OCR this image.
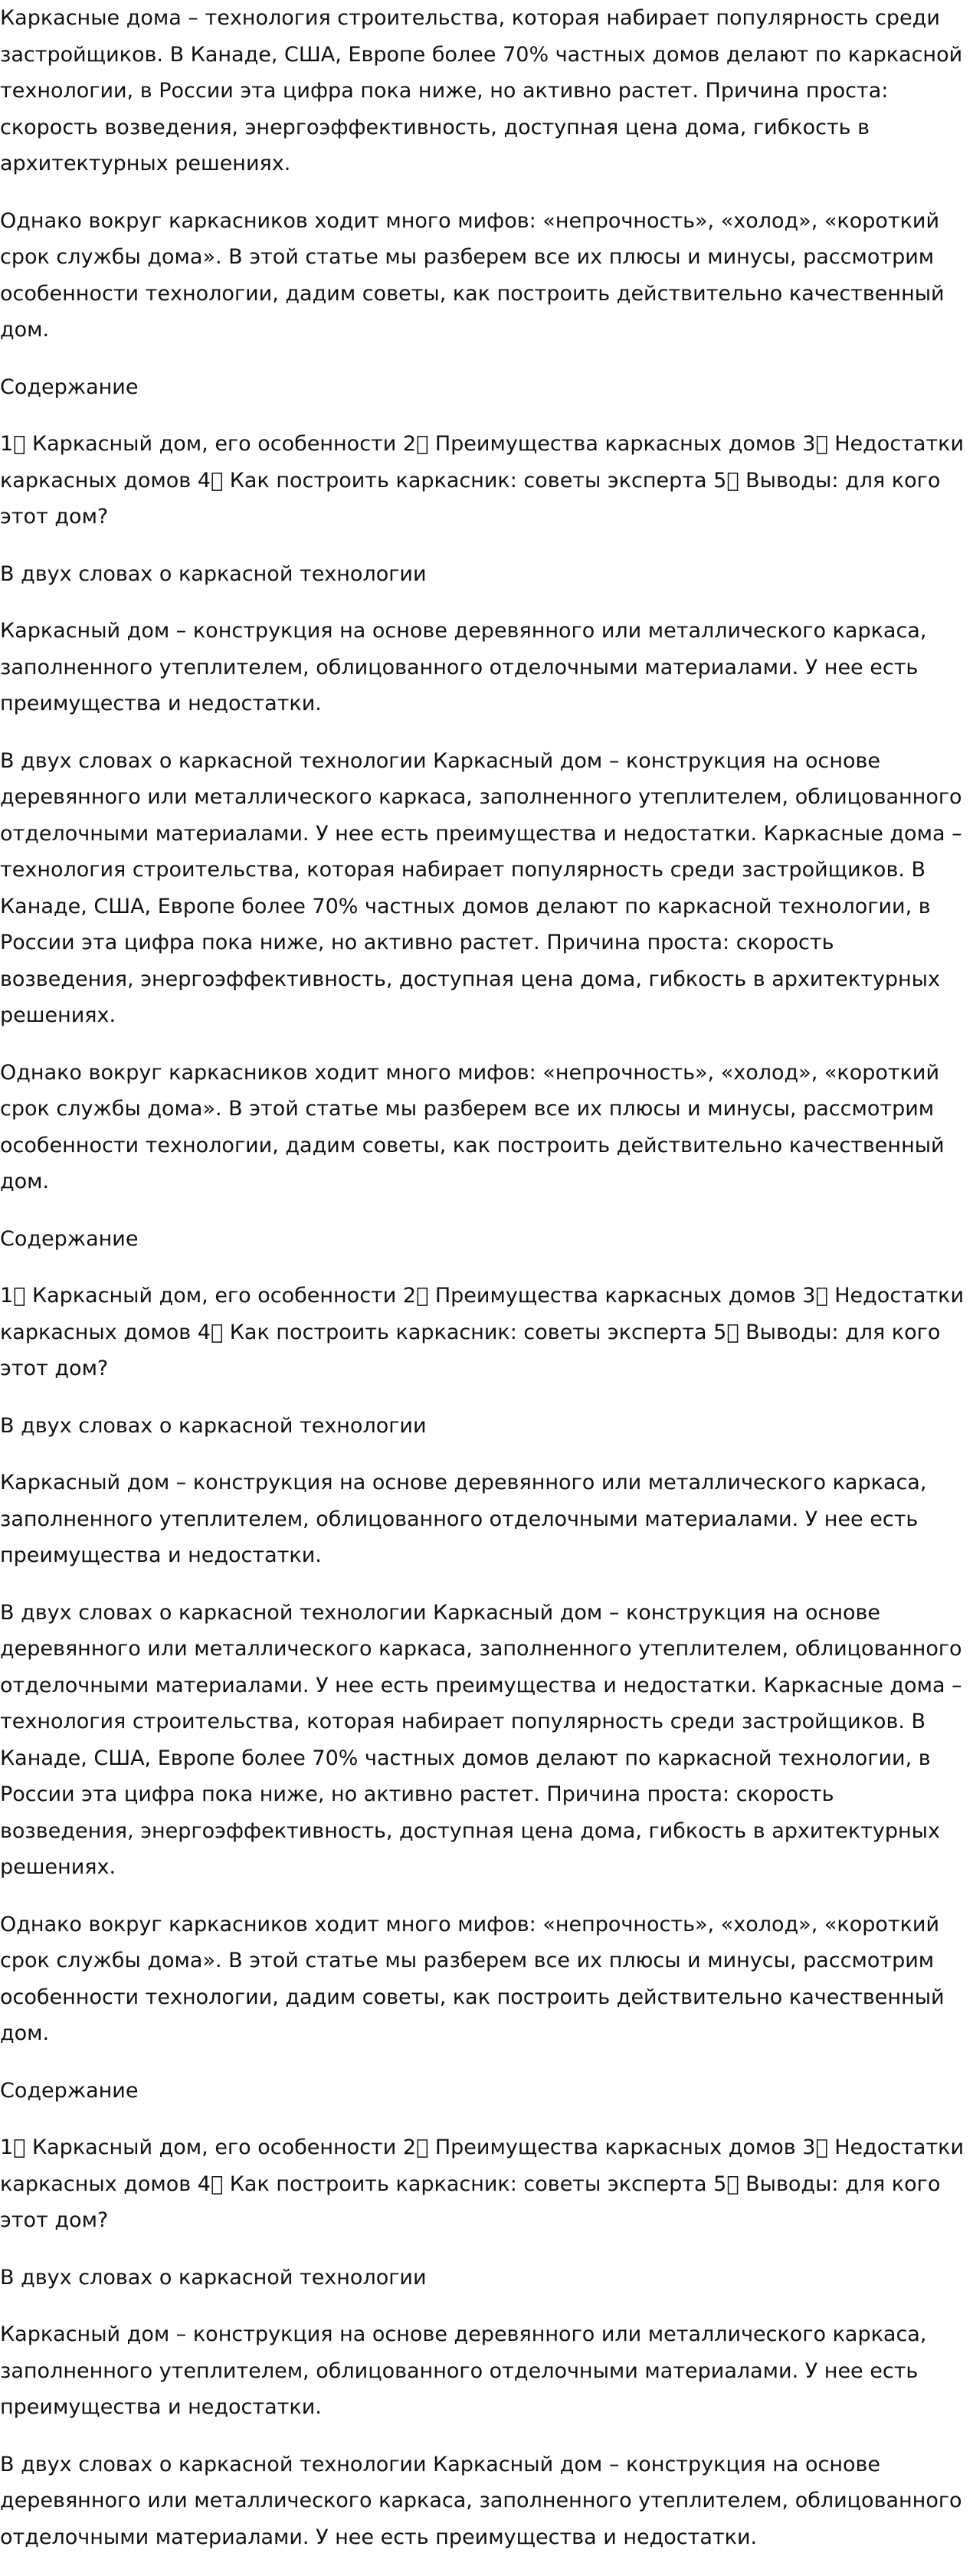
Каркасные дома – технология строительства, которая набирает популярность среди застройщиков. В Канаде, США, Европе более 70% частных домов делают по каркасной технологии, в России эта цифра пока ниже, но активно растет. Причина проста: скорость возведения, энергоэффективность, доступная цена дома, гибкость в архитектурных решениях.

Однако вокруг каркасников ходит много мифов: «непрочность», «холод», «короткий срок службы дома». В этой статье мы разберем все их плюсы и минусы, рассмотрим особенности технологии, дадим советы, как построить действительно качественный дом.

Содержание

1⃣ Каркасный дом, его особенности 2⃣ Преимущества каркасных домов 3⃣ Недостатки каркасных домов 4⃣ Как построить каркасник: советы эксперта 5⃣ Выводы: для кого этот дом?

В двух словах о каркасной технологии

Каркасный дом – конструкция на основе деревянного или металлического каркаса, заполненного утеплителем, облицованного отделочными материалами. У нее есть преимущества и недостатки.

В двух словах о каркасной технологии Каркасный дом – конструкция на основе деревянного или металлического каркаса, заполненного утеплителем, облицованного отделочными материалами. У нее есть преимущества и недостатки. Каркасные дома – технология строительства, которая набирает популярность среди застройщиков. В Канаде, США, Европе более 70% частных домов делают по каркасной технологии, в России эта цифра пока ниже, но активно растет. Причина проста: скорость возведения, энергоэффективность, доступная цена дома, гибкость в архитектурных решениях.

Однако вокруг каркасников ходит много мифов: «непрочность», «холод», «короткий срок службы дома». В этой статье мы разберем все их плюсы и минусы, рассмотрим особенности технологии, дадим советы, как построить действительно качественный дом.

Содержание

1⃣ Каркасный дом, его особенности 2⃣ Преимущества каркасных домов 3⃣ Недостатки каркасных домов 4⃣ Как построить каркасник: советы эксперта 5⃣ Выводы: для кого этот дом?

В двух словах о каркасной технологии

Каркасный дом – конструкция на основе деревянного или металлического каркаса, заполненного утеплителем, облицованного отделочными материалами. У нее есть преимущества и недостатки.

В двух словах о каркасной технологии Каркасный дом – конструкция на основе деревянного или металлического каркаса, заполненного утеплителем, облицованного отделочными материалами. У нее есть преимущества и недостатки. Каркасные дома – технология строительства, которая набирает популярность среди застройщиков. В Канаде, США, Европе более 70% частных домов делают по каркасной технологии, в России эта цифра пока ниже, но активно растет. Причина проста: скорость возведения, энергоэффективность, доступная цена дома, гибкость в архитектурных решениях.

Однако вокруг каркасников ходит много мифов: «непрочность», «холод», «короткий срок службы дома». В этой статье мы разберем все их плюсы и минусы, рассмотрим особенности технологии, дадим советы, как построить действительно качественный дом.

Содержание

1⃣ Каркасный дом, его особенности 2⃣ Преимущества каркасных домов 3⃣ Недостатки каркасных домов 4⃣ Как построить каркасник: советы эксперта 5⃣ Выводы: для кого этот дом?

В двух словах о каркасной технологии

Каркасный дом – конструкция на основе деревянного или металлического каркаса, заполненного утеплителем, облицованного отделочными материалами. У нее есть преимущества и недостатки.

В двух словах о каркасной технологии Каркасный дом – конструкция на основе деревянного или металлического каркаса, заполненного утеплителем, облицованного отделочными материалами. У нее есть преимущества и недостатки.
